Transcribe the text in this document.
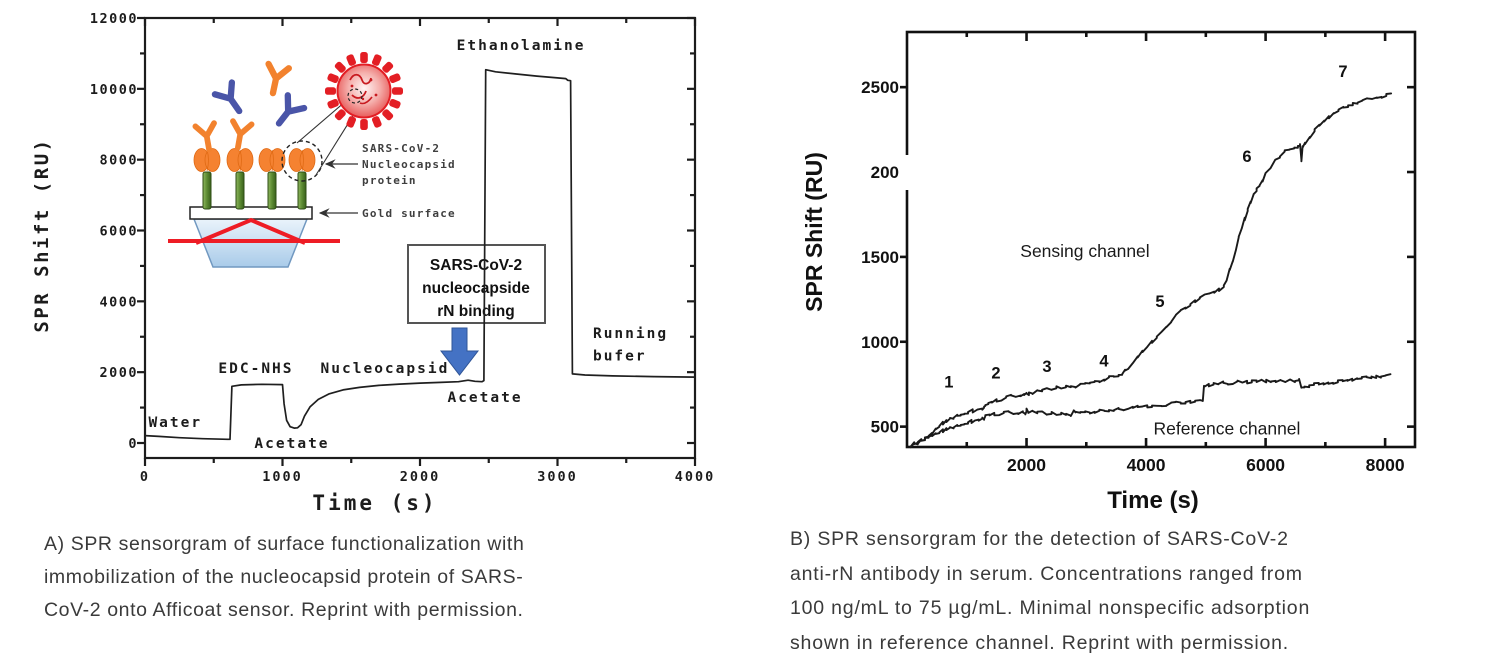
0	1000	2000	3000	4000
0
2000
4000
6000
8000
10000
12000
Water
EDC-NHS
Acetate
Nucleocapsid
Acetate
Ethanolamine
Running bufer
SARS-CoV-2
Nucleocapsid
protein
Gold surface
SARS-CoV-2
nucleocapside
rN binding
SPR Shift (RU)
Time (s)
2000	4000	6000	8000
500
1000
1500
200
2500
1
2	3	4
5
6
7
Sensing channel
Reference channel
SPR Shift (RU)
Time (s)
A) SPR sensorgram of surface functionalization with
immobilization of the nucleocapsid protein of SARS-
CoV-2 onto Afficoat sensor. Reprint with permission.
B) SPR sensorgram for the detection of SARS-CoV-2
anti-rN antibody in serum. Concentrations ranged from
100 ng/mL to 75 µg/mL. Minimal nonspecific adsorption
shown in reference channel. Reprint with permission.
